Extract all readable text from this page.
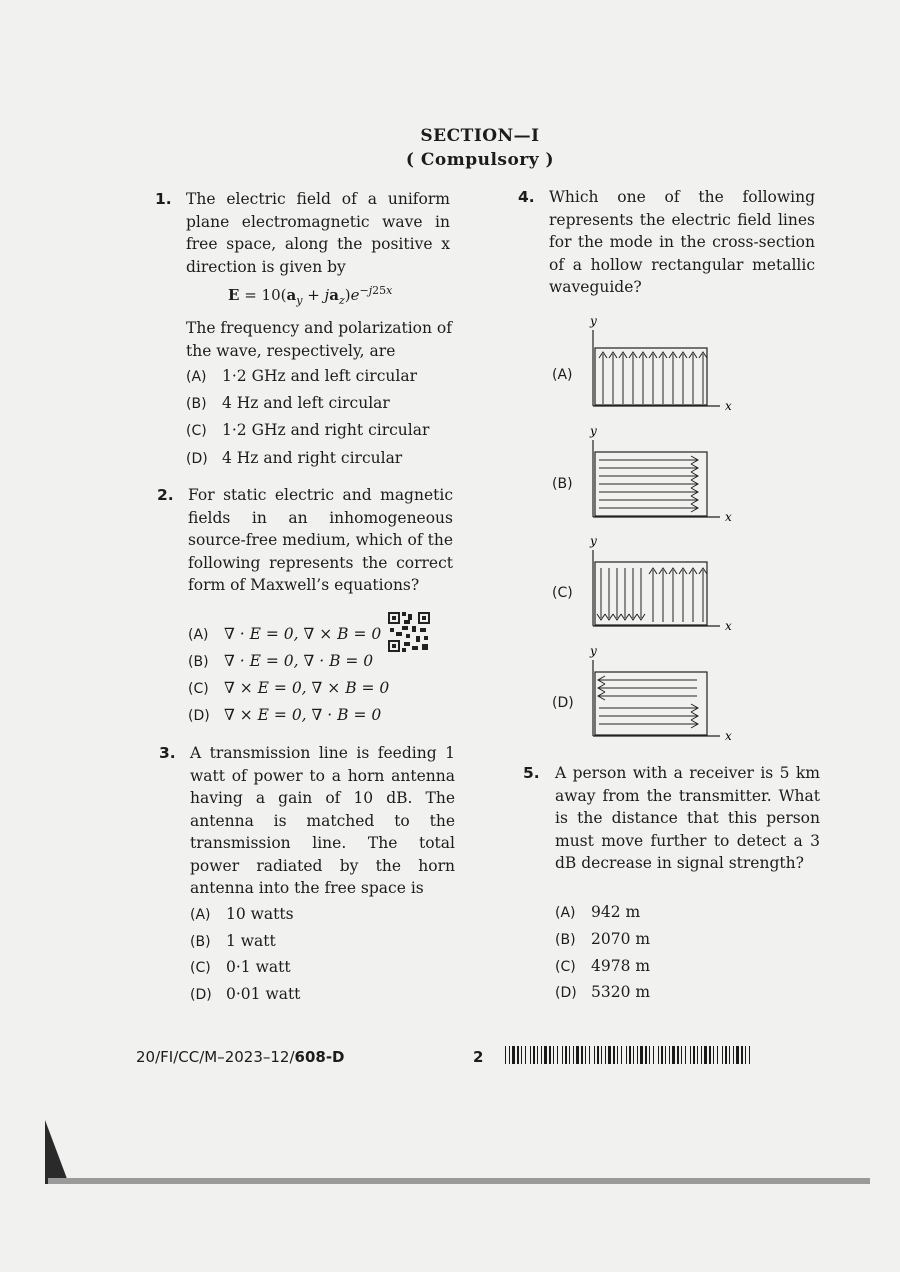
SECTION—I
( Compulsory )
1. The electric field of a uniform plane electromagnetic wave in free space, along the positive x direction is given by
$E = 10(a_y + ja_z)e^{-j25x}$
The frequency and polarization of the wave, respectively, are
(A) 1·2 GHz and left circular
(B) 4 Hz and left circular
(C) 1·2 GHz and right circular
(D) 4 Hz and right circular
2. For static electric and magnetic fields in an inhomogeneous source-free medium, which of the following represents the correct form of Maxwell’s equations?
(A) ∇ · E = 0, ∇ × B = 0
(B) ∇ · E = 0, ∇ · B = 0
(C) ∇ × E = 0, ∇ × B = 0
(D) ∇ × E = 0, ∇ · B = 0
3. A transmission line is feeding 1 watt of power to a horn antenna having a gain of 10 dB. The antenna is matched to the transmission line. The total power radiated by the horn antenna into the free space is
(A) 10 watts
(B) 1 watt
(C) 0·1 watt
(D) 0·01 watt
4. Which one of the following represents the electric field lines for the mode in the cross-section of a hollow rectangular metallic waveguide?
(A)
y
x
(B)
y
x
(C)
y
x
(D)
y
x
5. A person with a receiver is 5 km away from the transmitter. What is the distance that this person must move further to detect a 3 dB decrease in signal strength?
(A) 942 m
(B) 2070 m
(C) 4978 m
(D) 5320 m
20/FI/CC/M–2023–12/608-D	2
